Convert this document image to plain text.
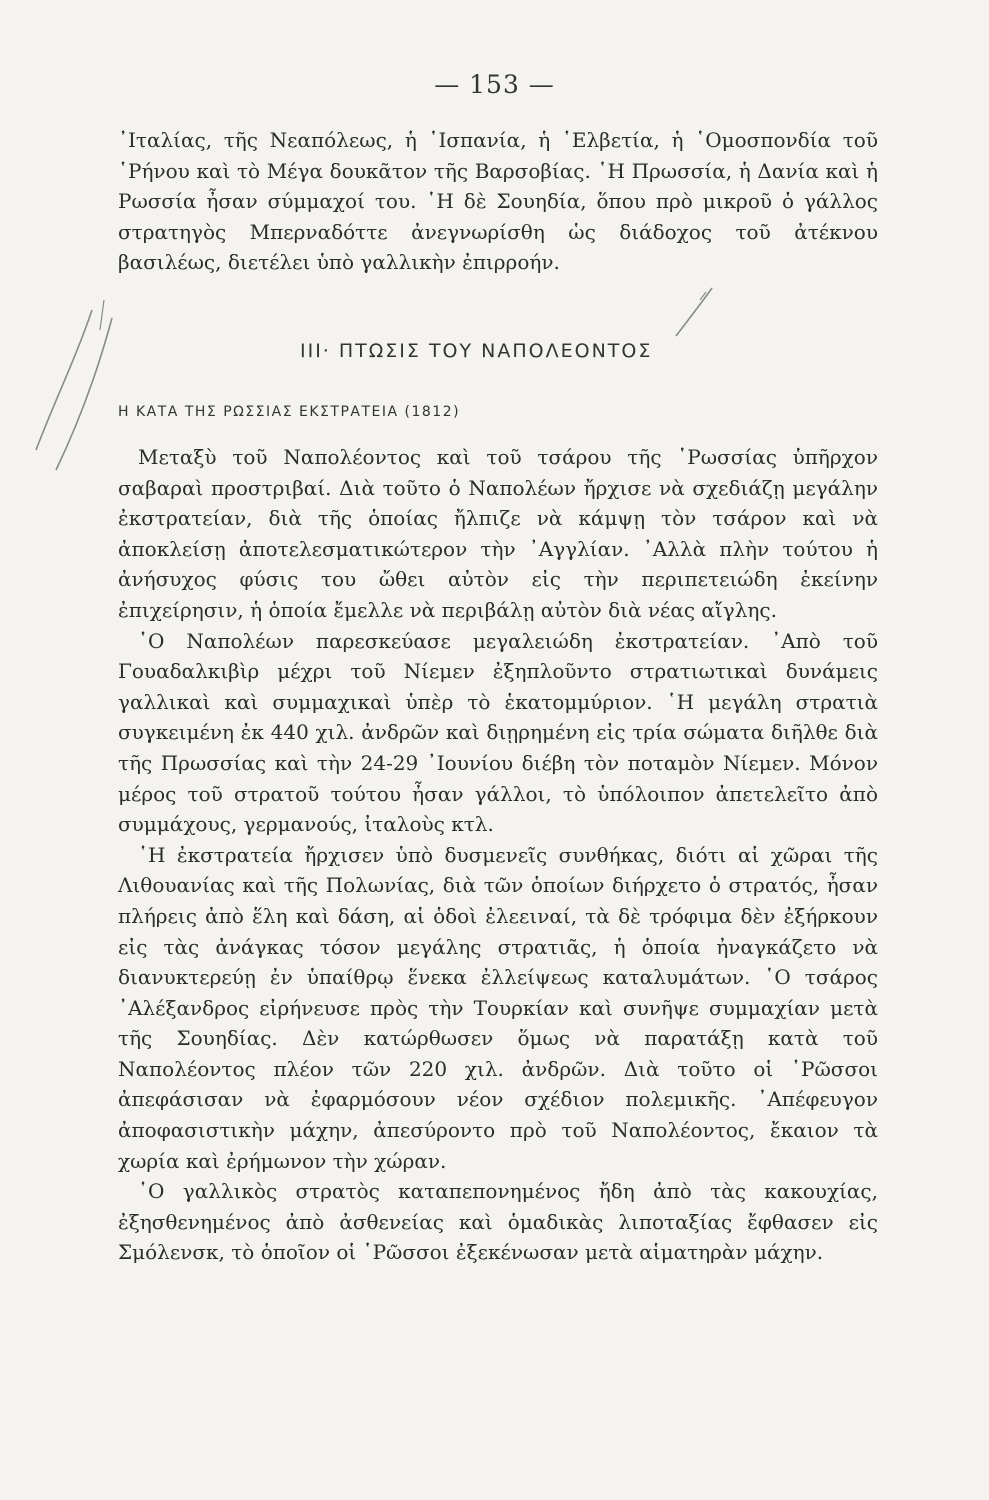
— 153 —

᾿Ιταλίας, τῆς Νεαπόλεως, ἡ ῾Ισπανία, ἡ ῾Ελβετία, ἡ ῾Ομοσπονδία τοῦ ῾Ρήνου καὶ τὸ Μέγα δουκᾶτον τῆς Βαρσοβίας. ῾Η Πρωσσία, ἡ Δανία καὶ ἡ Ρωσσία ἦσαν σύμμαχοί του. ῾Η δὲ Σουηδία, ὅπου πρὸ μικροῦ ὁ γάλλος στρατηγὸς Μπερναδόττε ἀνεγνωρίσθη ὡς διάδοχος τοῦ ἀτέκνου βασιλέως, διετέλει ὑπὸ γαλλικὴν ἐπιρροήν.

ΙΙΙ· ΠΤΩΣΙΣ ΤΟΥ ΝΑΠΟΛΕΟΝΤΟΣ
Η ΚΑΤΑ ΤΗΣ ΡΩΣΣΙΑΣ ΕΚΣΤΡΑΤΕΙΑ (1812)

Μεταξὺ τοῦ Ναπολέοντος καὶ τοῦ τσάρου τῆς ῾Ρωσσίας ὑπῆρχον σαβαραὶ προστριβαί. Διὰ τοῦτο ὁ Ναπολέων ἤρχισε νὰ σχεδιάζῃ μεγάλην ἐκστρατείαν, διὰ τῆς ὁποίας ἤλπιζε νὰ κάμψῃ τὸν τσάρον καὶ νὰ ἀποκλείσῃ ἀποτελεσματικώτερον τὴν ᾿Αγγλίαν. ᾿Αλλὰ πλὴν τούτου ἡ ἀνήσυχος φύσις του ὤθει αὐτὸν εἰς τὴν περιπετειώδη ἐκείνην ἐπιχείρησιν, ἡ ὁποία ἔμελλε νὰ περιβάλῃ αὐτὸν διὰ νέας αἴγλης.

῾Ο Ναπολέων παρεσκεύασε μεγαλειώδη ἐκστρατείαν. ᾿Απὸ τοῦ Γουαδαλκιβὶρ μέχρι τοῦ Νίεμεν ἐξηπλοῦντο στρατιωτικαὶ δυνάμεις γαλλικαὶ καὶ συμμαχικαὶ ὑπὲρ τὸ ἑκατομμύριον. ῾Η μεγάλη στρατιὰ συγκειμένη ἐκ 440 χιλ. ἀνδρῶν καὶ διῃρημένη εἰς τρία σώματα διῆλθε διὰ τῆς Πρωσσίας καὶ τὴν 24-29 ᾿Ιουνίου διέβη τὸν ποταμὸν Νίεμεν. Μόνον μέρος τοῦ στρατοῦ τούτου ἦσαν γάλλοι, τὸ ὑπόλοιπον ἀπετελεῖτο ἀπὸ συμμάχους, γερμανούς, ἰταλοὺς κτλ.

῾Η ἐκστρατεία ἤρχισεν ὑπὸ δυσμενεῖς συνθήκας, διότι αἱ χῶραι τῆς Λιθουανίας καὶ τῆς Πολωνίας, διὰ τῶν ὁποίων διήρχετο ὁ στρατός, ἦσαν πλήρεις ἀπὸ ἕλη καὶ δάση, αἱ ὁδοὶ ἐλεειναί, τὰ δὲ τρόφιμα δὲν ἐξήρκουν εἰς τὰς ἀνάγκας τόσον μεγάλης στρατιᾶς, ἡ ὁποία ἠναγκάζετο νὰ διανυκτερεύῃ ἐν ὑπαίθρῳ ἕνεκα ἐλλείψεως καταλυμάτων. ῾Ο τσάρος ᾿Αλέξανδρος εἰρήνευσε πρὸς τὴν Τουρκίαν καὶ συνῆψε συμμαχίαν μετὰ τῆς Σουηδίας. Δὲν κατώρθωσεν ὅμως νὰ παρατάξῃ κατὰ τοῦ Ναπολέοντος πλέον τῶν 220 χιλ. ἀνδρῶν. Διὰ τοῦτο οἱ ῾Ρῶσσοι ἀπεφάσισαν νὰ ἐφαρμόσουν νέον σχέδιον πολεμικῆς. ᾿Απέφευγον ἀποφασιστικὴν μάχην, ἀπεσύροντο πρὸ τοῦ Ναπολέοντος, ἔκαιον τὰ χωρία καὶ ἐρήμωνον τὴν χώραν.

῾Ο γαλλικὸς στρατὸς καταπεπονημένος ἤδη ἀπὸ τὰς κακουχίας, ἐξησθενημένος ἀπὸ ἀσθενείας καὶ ὁμαδικὰς λιποταξίας ἔφθασεν εἰς Σμόλενσκ, τὸ ὁποῖον οἱ ῾Ρῶσσοι ἐξεκένωσαν μετὰ αἱματηρὰν μάχην.
